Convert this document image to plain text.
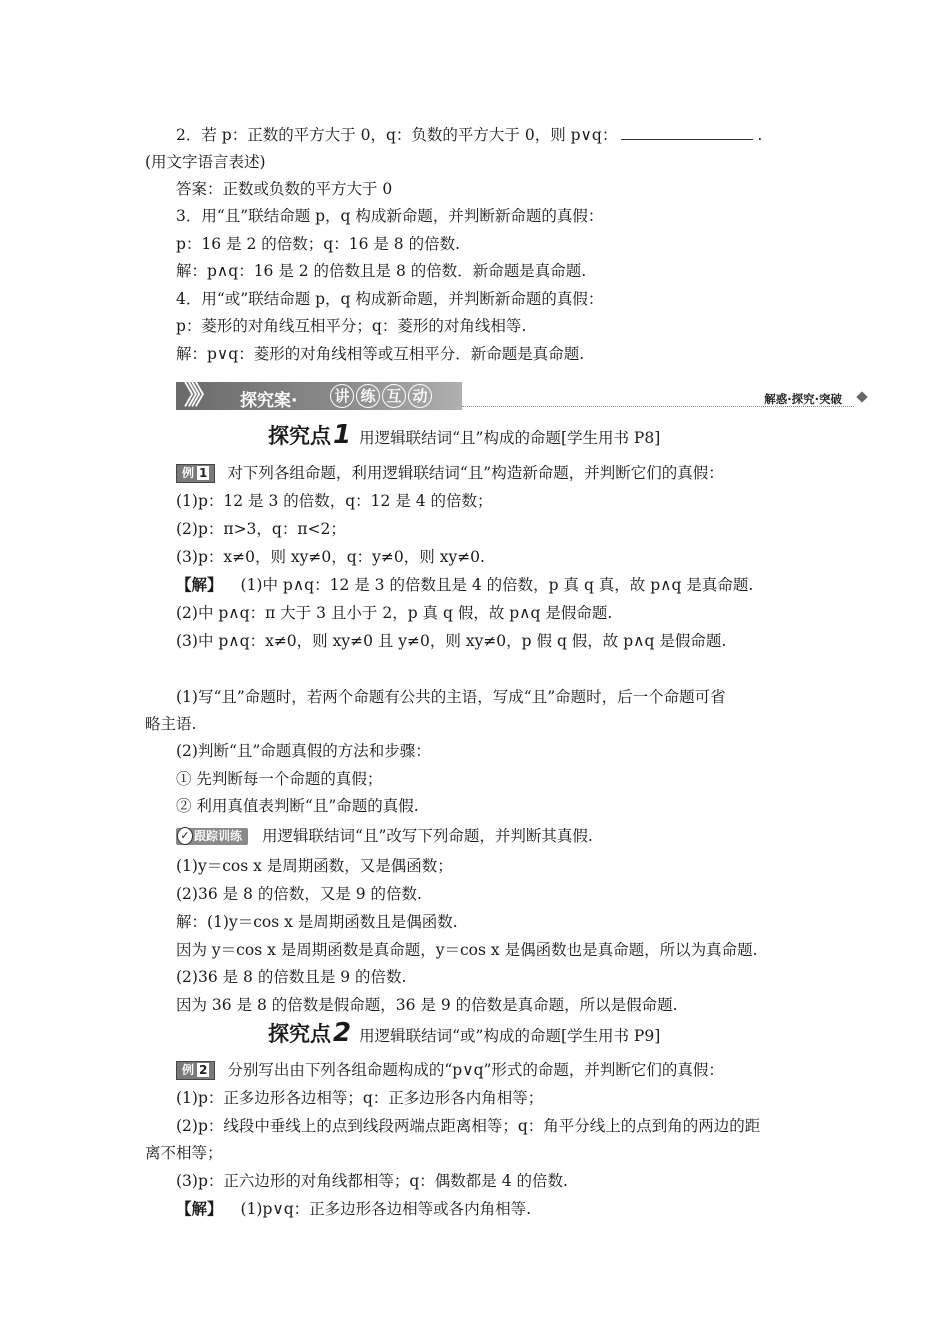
2．若 p：正数的平方大于 0，q：负数的平方大于 0，则 p∨q：	.
(用文字语言表述)
答案：正数或负数的平方大于 0
3．用“且”联结命题 p，q 构成新命题，并判断新命题的真假：
p：16 是 2 的倍数；q：16 是 8 的倍数.
解：p∧q：16 是 2 的倍数且是 8 的倍数．新命题是真命题.
4．用“或”联结命题 p，q 构成新命题，并判断新命题的真假：
p：菱形的对角线互相平分；q：菱形的对角线相等.
解：p∨q：菱形的对角线相等或互相平分．新命题是真命题.
》》 探究案· 讲 练 互 动	解惑·探究·突破
探究点1 用逻辑联结词“且”构成的命题[学生用书 P8]
例 1 对下列各组命题，利用逻辑联结词“且”构造新命题，并判断它们的真假：
(1)p：12 是 3 的倍数，q：12 是 4 的倍数；
(2)p：π>3，q：π<2；
(3)p：x≠0，则 xy≠0，q：y≠0，则 xy≠0.
【解】 (1)中 p∧q：12 是 3 的倍数且是 4 的倍数，p 真 q 真，故 p∧q 是真命题.
(2)中 p∧q：π 大于 3 且小于 2，p 真 q 假，故 p∧q 是假命题.
(3)中 p∧q：x≠0，则 xy≠0 且 y≠0，则 xy≠0，p 假 q 假，故 p∧q 是假命题.
(1)写“且”命题时，若两个命题有公共的主语，写成“且”命题时，后一个命题可省
略主语.
(2)判断“且”命题真假的方法和步骤：
① 先判断每一个命题的真假；
② 利用真值表判断“且”命题的真假.
✓ 跟踪训练 用逻辑联结词“且”改写下列命题，并判断其真假.
(1)y＝cos x 是周期函数，又是偶函数；
(2)36 是 8 的倍数，又是 9 的倍数.
解：(1)y＝cos x 是周期函数且是偶函数.
因为 y＝cos x 是周期函数是真命题，y＝cos x 是偶函数也是真命题，所以为真命题.
(2)36 是 8 的倍数且是 9 的倍数.
因为 36 是 8 的倍数是假命题，36 是 9 的倍数是真命题，所以是假命题.
探究点2 用逻辑联结词“或”构成的命题[学生用书 P9]
例 2 分别写出由下列各组命题构成的“p∨q”形式的命题，并判断它们的真假：
(1)p：正多边形各边相等；q：正多边形各内角相等；
(2)p：线段中垂线上的点到线段两端点距离相等；q：角平分线上的点到角的两边的距
离不相等；
(3)p：正六边形的对角线都相等；q：偶数都是 4 的倍数.
【解】 (1)p∨q：正多边形各边相等或各内角相等.
